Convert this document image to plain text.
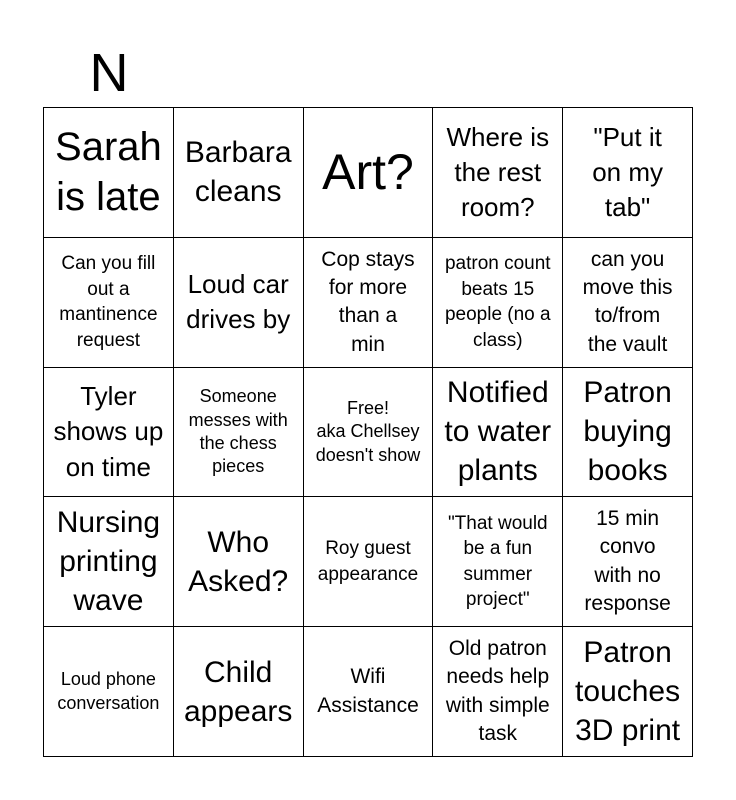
N
Sarah
is late
Barbara
cleans Art?
Where is
the rest
room?
"Put it
on my
tab"
Can you fill
out a
mantinence
request
Loud car
drives by
Cop stays
for more
than a
min
patron count
beats 15
people (no a
class)
can you
move this
to/from
the vault
Tyler
shows up
on time
Someone
messes with
the chess
pieces
Free!
aka Chellsey
doesn't show
Notified
to water
plants
Patron
buying
books
Nursing
printing
wave
Who
Asked?
Roy guest
appearance
"That would
be a fun
summer
project"
15 min
convo
with no
response
Loud phone
conversation
Child
appears
Wifi
Assistance
Old patron
needs help
with simple
task
Patron
touches
3D print
